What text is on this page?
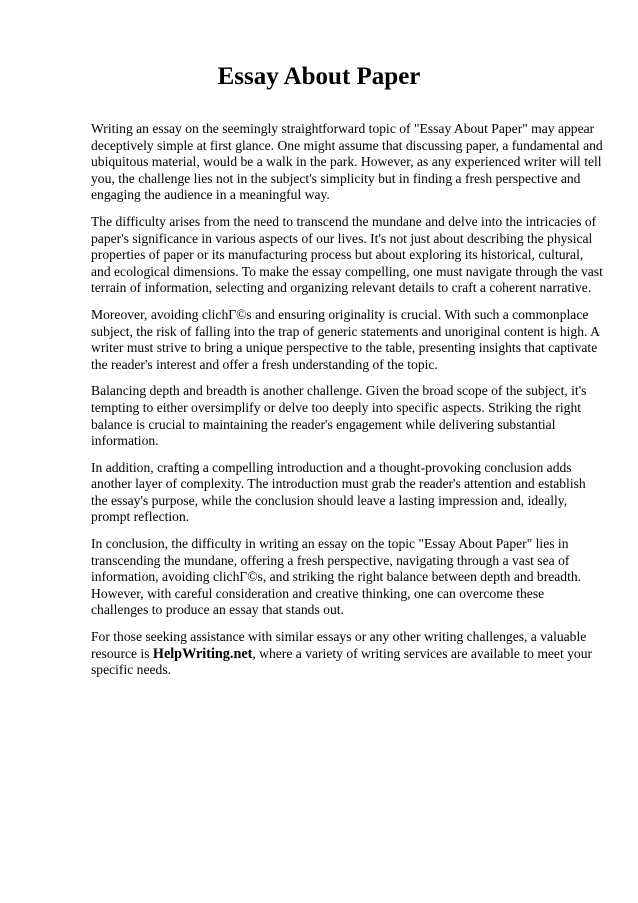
Essay About Paper

Writing an essay on the seemingly straightforward topic of "Essay About Paper" may appear deceptively simple at first glance. One might assume that discussing paper, a fundamental and ubiquitous material, would be a walk in the park. However, as any experienced writer will tell you, the challenge lies not in the subject's simplicity but in finding a fresh perspective and engaging the audience in a meaningful way.

The difficulty arises from the need to transcend the mundane and delve into the intricacies of paper's significance in various aspects of our lives. It's not just about describing the physical properties of paper or its manufacturing process but about exploring its historical, cultural, and ecological dimensions. To make the essay compelling, one must navigate through the vast terrain of information, selecting and organizing relevant details to craft a coherent narrative.

Moreover, avoiding clichΓ©s and ensuring originality is crucial. With such a commonplace subject, the risk of falling into the trap of generic statements and unoriginal content is high. A writer must strive to bring a unique perspective to the table, presenting insights that captivate the reader's interest and offer a fresh understanding of the topic.

Balancing depth and breadth is another challenge. Given the broad scope of the subject, it's tempting to either oversimplify or delve too deeply into specific aspects. Striking the right balance is crucial to maintaining the reader's engagement while delivering substantial information.

In addition, crafting a compelling introduction and a thought-provoking conclusion adds another layer of complexity. The introduction must grab the reader's attention and establish the essay's purpose, while the conclusion should leave a lasting impression and, ideally, prompt reflection.

In conclusion, the difficulty in writing an essay on the topic "Essay About Paper" lies in transcending the mundane, offering a fresh perspective, navigating through a vast sea of information, avoiding clichΓ©s, and striking the right balance between depth and breadth. However, with careful consideration and creative thinking, one can overcome these challenges to produce an essay that stands out.

For those seeking assistance with similar essays or any other writing challenges, a valuable resource is HelpWriting.net, where a variety of writing services are available to meet your specific needs.
